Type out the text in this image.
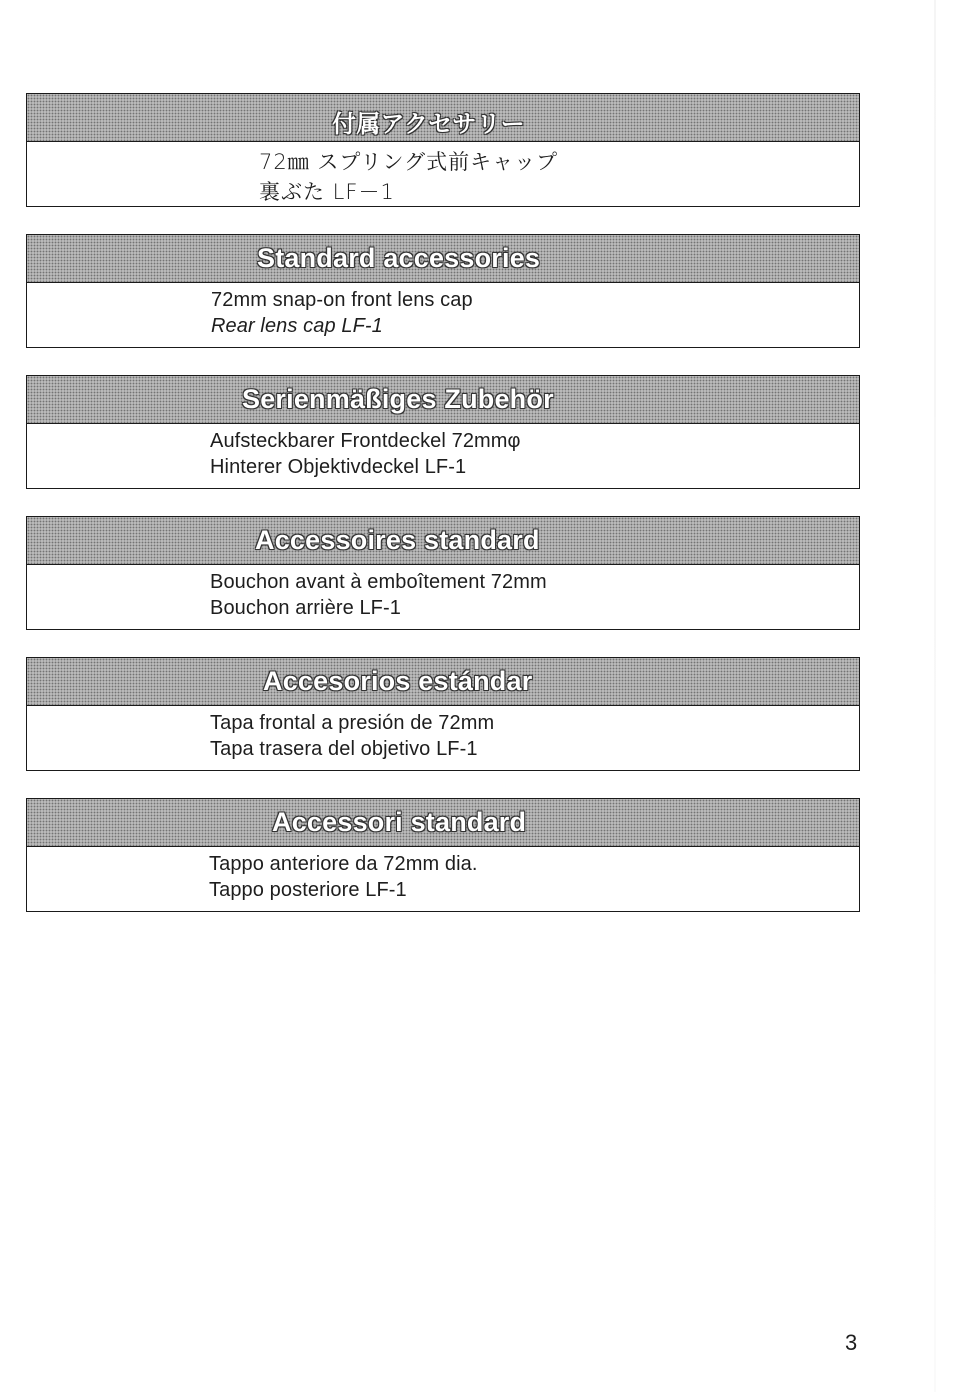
付属アクセサリー
72㎜ スプリング式前キャップ
裏ぶた LF－1
Standard accessories
72mm snap-on front lens cap
Rear lens cap LF-1
Serienmäßiges Zubehör
Aufsteckbarer Frontdeckel 72mmφ
Hinterer Objektivdeckel LF-1
Accessoires standard
Bouchon avant à emboîtement 72mm
Bouchon arrière LF-1
Accesorios estándar
Tapa frontal a presión de 72mm
Tapa trasera del objetivo LF-1
Accessori standard
Tappo anteriore da 72mm dia.
Tappo posteriore LF-1
3
